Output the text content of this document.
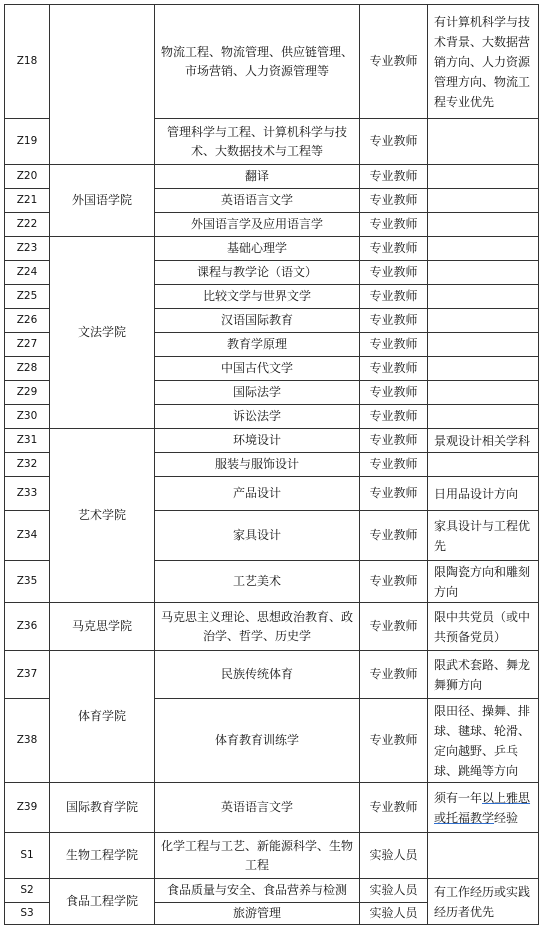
Z18		物流工程、物流管理、供应链管理、市场营销、人力资源管理等	专业教师	有计算机科学与技术背景、大数据营销方向、人力资源管理方向、物流工程专业优先
Z19		管理科学与工程、计算机科学与技术、大数据技术与工程等	专业教师	
Z20	外国语学院	翻译	专业教师	
Z21		英语语言文学	专业教师	
Z22		外国语言学及应用语言学	专业教师	
Z23	文法学院	基础心理学	专业教师	
Z24		课程与教学论（语文）	专业教师	
Z25		比较文学与世界文学	专业教师	
Z26		汉语国际教育	专业教师	
Z27		教育学原理	专业教师	
Z28		中国古代文学	专业教师	
Z29		国际法学	专业教师	
Z30		诉讼法学	专业教师	
Z31	艺术学院	环境设计	专业教师	景观设计相关学科
Z32		服装与服饰设计	专业教师	
Z33		产品设计	专业教师	日用品设计方向
Z34		家具设计	专业教师	家具设计与工程优先
Z35		工艺美术	专业教师	限陶瓷方向和雕刻方向
Z36	马克思学院	马克思主义理论、思想政治教育、政治学、哲学、历史学	专业教师	限中共党员（或中共预备党员）
Z37	体育学院	民族传统体育	专业教师	限武术套路、舞龙舞狮方向
Z38		体育教育训练学	专业教师	限田径、操舞、排球、毽球、轮滑、定向越野、乒乓球、跳绳等方向
Z39	国际教育学院	英语语言文学	专业教师	须有一年以上雅思或托福教学经验
S1	生物工程学院	化学工程与工艺、新能源科学、生物工程	实验人员	
S2	食品工程学院	食品质量与安全、食品营养与检测	实验人员	有工作经历或实践经历者优先
S3		旅游管理	实验人员	
